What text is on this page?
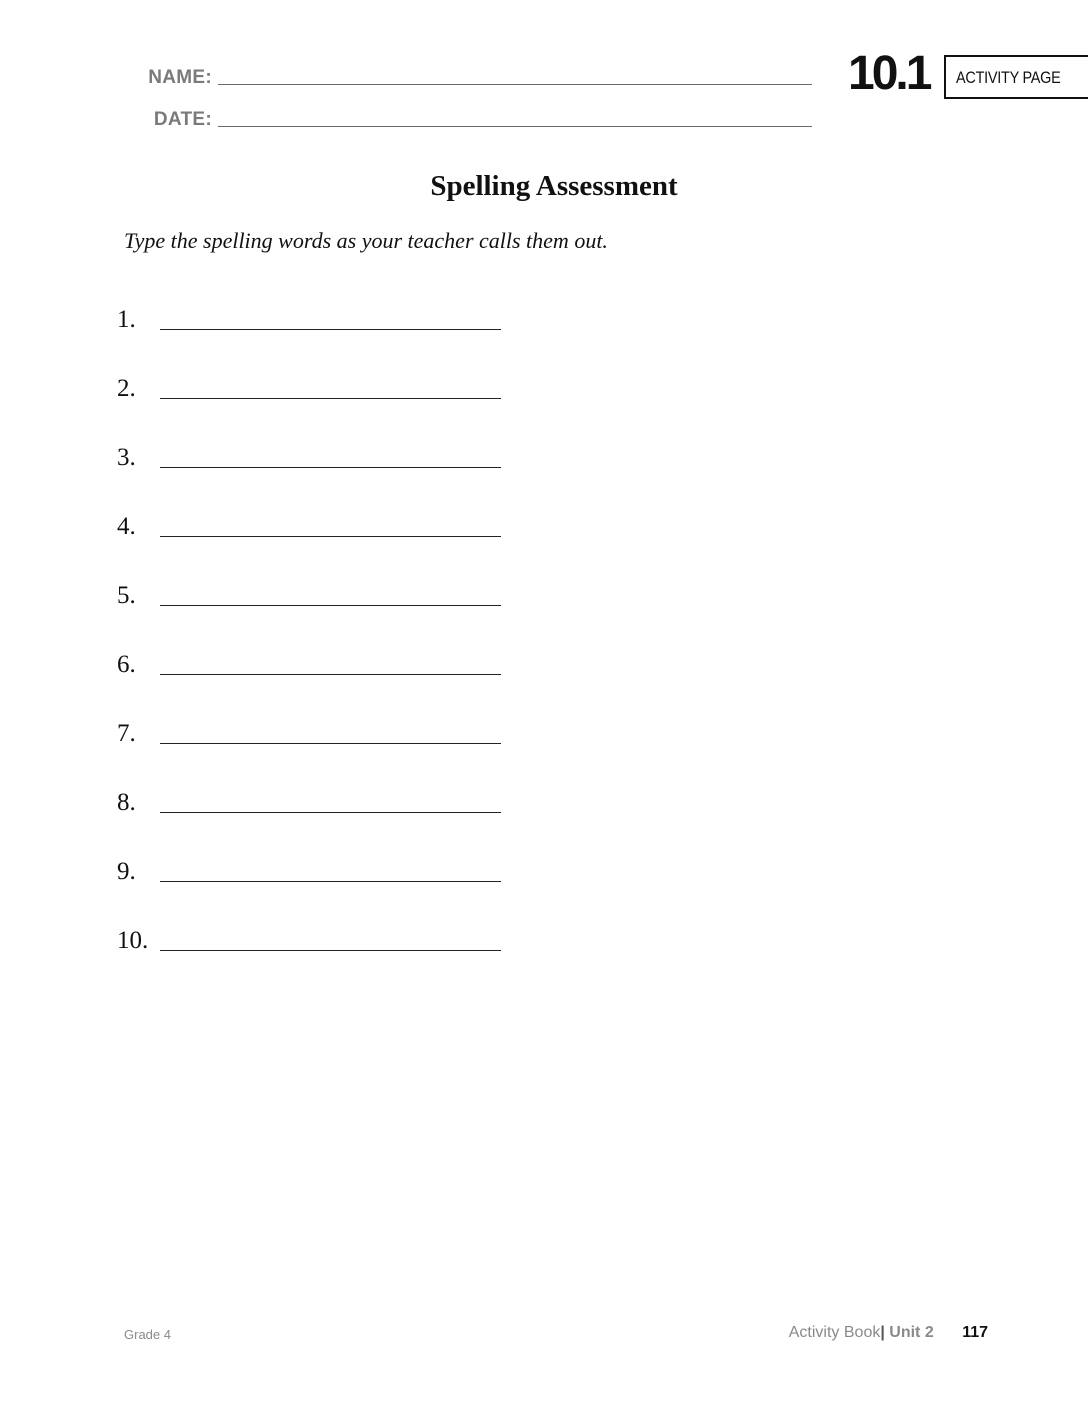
NAME:
DATE:
10.1 ACTIVITY PAGE
Spelling Assessment
Type the spelling words as your teacher calls them out.
1.
2.
3.
4.
5.
6.
7.
8.
9.
10.
Grade 4	Activity Book| Unit 2 117
